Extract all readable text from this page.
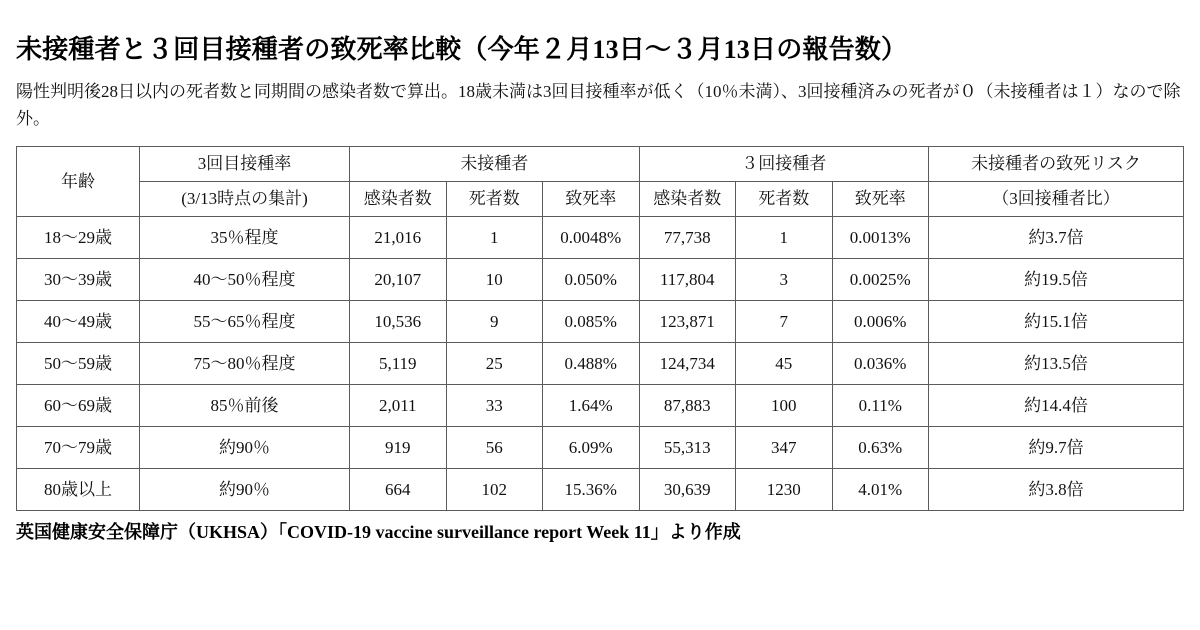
未接種者と３回目接種者の致死率比較（今年２月13日〜３月13日の報告数）

陽性判明後28日以内の死者数と同期間の感染者数で算出。18歳未満は3回目接種率が低く（10％未満）、3回接種済みの死者が０（未接種者は１）なので除外。

年齢	3回目接種率	未接種者			３回接種者			未接種者の致死リスク
	(3/13時点の集計)	感染者数	死者数	致死率	感染者数	死者数	致死率	（3回接種者比）
18〜29歳	35％程度	21,016	1	0.0048%	77,738	1	0.0013%	約3.7倍
30〜39歳	40〜50％程度	20,107	10	0.050%	117,804	3	0.0025%	約19.5倍
40〜49歳	55〜65％程度	10,536	9	0.085%	123,871	7	0.006%	約15.1倍
50〜59歳	75〜80％程度	5,119	25	0.488%	124,734	45	0.036%	約13.5倍
60〜69歳	85％前後	2,011	33	1.64%	87,883	100	0.11%	約14.4倍
70〜79歳	約90％	919	56	6.09%	55,313	347	0.63%	約9.7倍
80歳以上	約90％	664	102	15.36%	30,639	1230	4.01%	約3.8倍
英国健康安全保障庁（UKHSA）「COVID-19 vaccine surveillance report Week 11」より作成
